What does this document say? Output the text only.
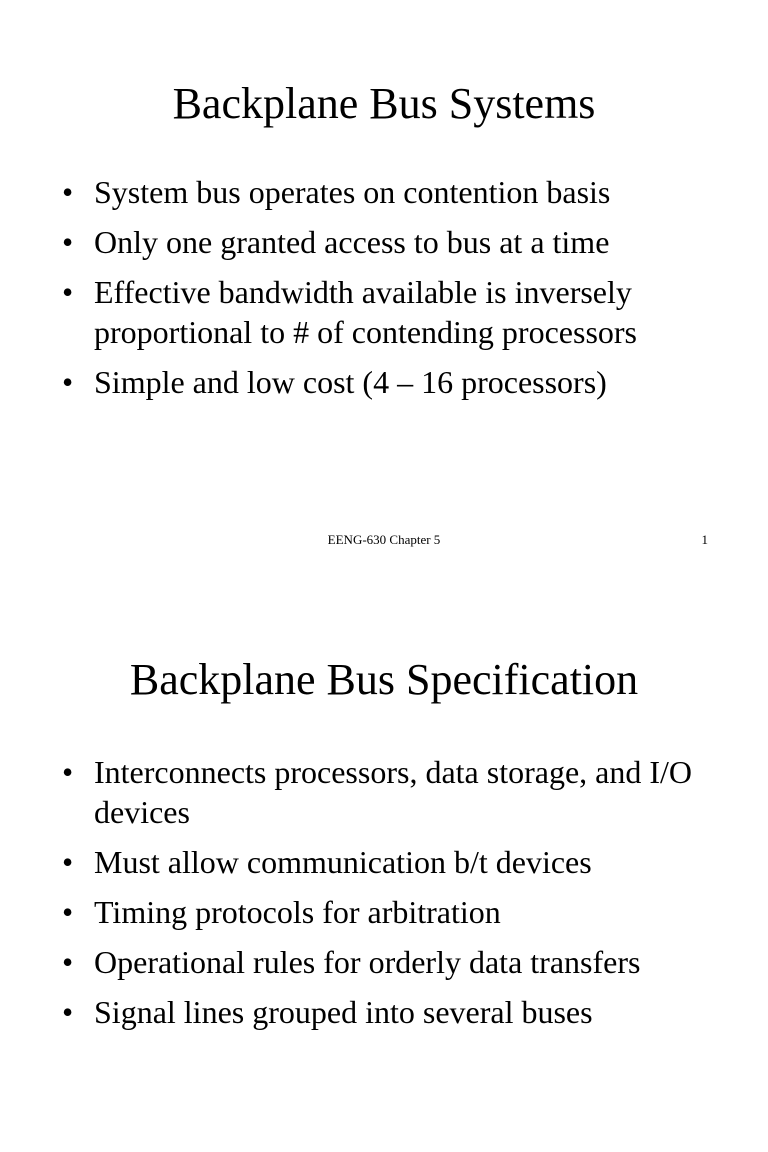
Backplane Bus Systems
• System bus operates on contention basis
• Only one granted access to bus at a time
• Effective bandwidth available is inversely proportional to # of contending processors
• Simple and low cost (4 – 16 processors)
EENG-630 Chapter 5	1
Backplane Bus Specification
• Interconnects processors, data storage, and I/O devices
• Must allow communication b/t devices
• Timing protocols for arbitration
• Operational rules for orderly data transfers
• Signal lines grouped into several buses
